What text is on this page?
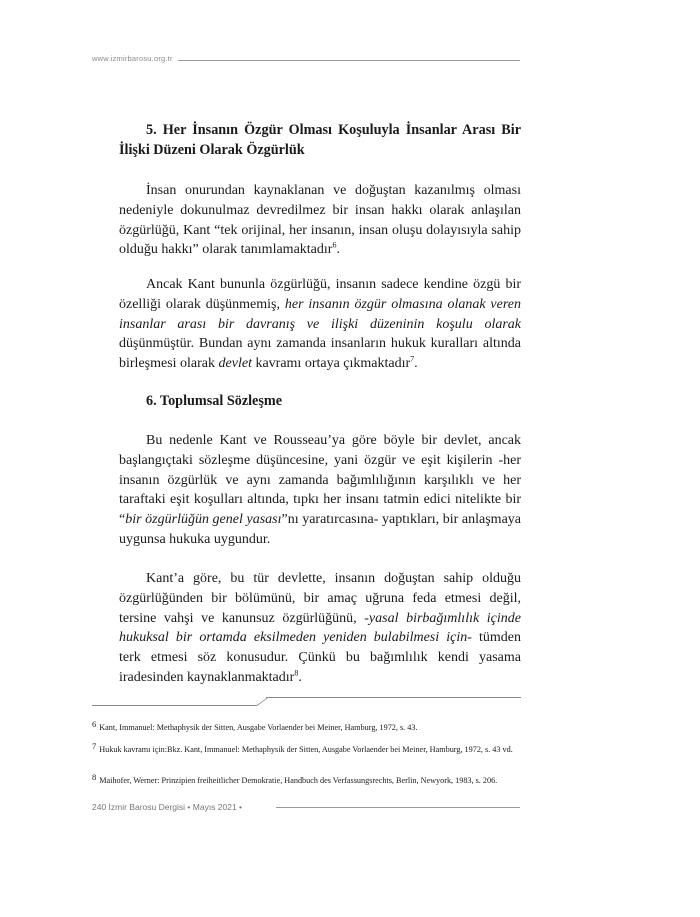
www.izmirbarosu.org.tr
5. Her İnsanın Özgür Olması Koşuluyla İnsanlar Arası Bir İlişki Düzeni Olarak Özgürlük

İnsan onurundan kaynaklanan ve doğuştan kazanılmış olması nedeniyle dokunulmaz devredilmez bir insan hakkı olarak anlaşılan özgürlüğü, Kant “tek orijinal, her insanın, insan oluşu dolayısıyla sahip olduğu hakkı” olarak tanımlamaktadır$^6$.

Ancak Kant bununla özgürlüğü, insanın sadece kendine özgü bir özelliği olarak düşünmemiş, her insanın özgür olmasına olanak veren insanlar arası bir davranış ve ilişki düzeninin koşulu olarak düşünmüştür. Bundan aynı zamanda insanların hukuk kuralları altında birleşmesi olarak devlet kavramı ortaya çıkmaktadır$^7$.

6. Toplumsal Sözleşme

Bu nedenle Kant ve Rousseau’ya göre böyle bir devlet, ancak başlangıçtaki sözleşme düşüncesine, yani özgür ve eşit kişilerin -her insanın özgürlük ve aynı zamanda bağımlılığının karşılıklı ve her taraftaki eşit koşulları altında, tıpkı her insanı tatmin edici nitelikte bir “bir özgürlüğün genel yasası”nı yaratırcasına- yaptıkları, bir anlaşmaya uygunsa hukuka uygundur.

Kant’a göre, bu tür devlette, insanın doğuştan sahip olduğu özgürlüğünden bir bölümünü, bir amaç uğruna feda etmesi değil, tersine vahşi ve kanunsuz özgürlüğünü, -yasal birbağımlılık içinde hukuksal bir ortamda eksilmeden yeniden bulabilmesi için- tümden terk etmesi söz konusudur. Çünkü bu bağımlılık kendi yasama iradesinden kaynaklanmaktadır$^8$.

6 Kant, Immanuel: Methaphysik der Sitten, Ausgabe Vorlaender bei Meiner, Hamburg, 1972, s. 43.
7 Hukuk kavramı için:Bkz. Kant, Immanuel: Methaphysik der Sitten, Ausgabe Vorlaender bei Meiner, Hamburg, 1972, s. 43 vd.
8 Maihofer, Werner: Prinzipien freiheitlicher Demokratie, Handbuch des Verfassungsrechts, Berlin, Newyork, 1983, s. 206.
240 İzmir Barosu Dergisi • Mayıs 2021 •
